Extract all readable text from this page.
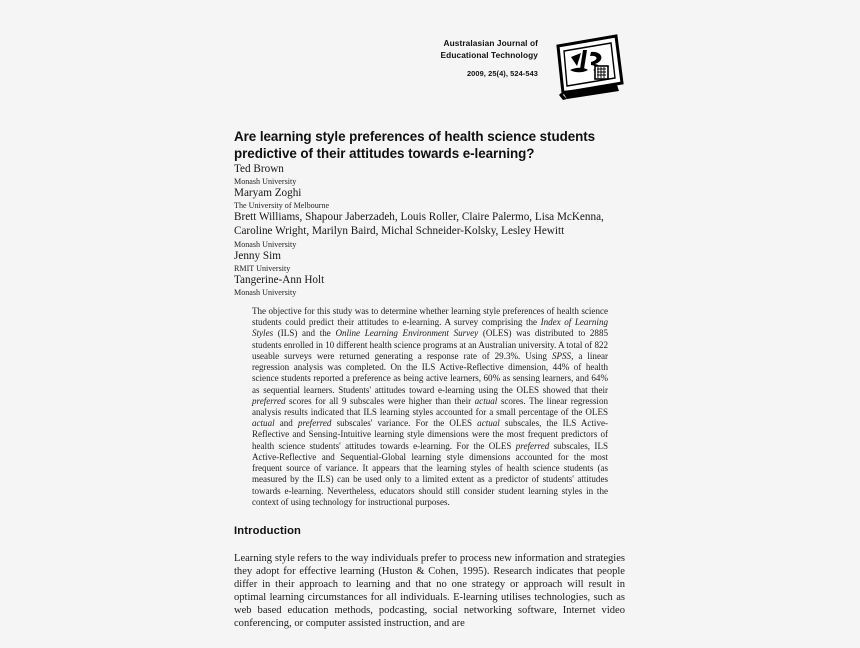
Australasian Journal of
Educational Technology
2009, 25(4), 524-543
Are learning style preferences of health science students predictive of their attitudes towards e-learning?
Ted Brown
Monash University
Maryam Zoghi
The University of Melbourne
Brett Williams, Shapour Jaberzadeh, Louis Roller, Claire Palermo, Lisa McKenna, Caroline Wright, Marilyn Baird, Michal Schneider-Kolsky, Lesley Hewitt
Monash University
Jenny Sim
RMIT University
Tangerine-Ann Holt
Monash University
The objective for this study was to determine whether learning style preferences of health science students could predict their attitudes to e-learning. A survey comprising the Index of Learning Styles (ILS) and the Online Learning Environment Survey (OLES) was distributed to 2885 students enrolled in 10 different health science programs at an Australian university. A total of 822 useable surveys were returned generating a response rate of 29.3%. Using SPSS, a linear regression analysis was completed. On the ILS Active-Reflective dimension, 44% of health science students reported a preference as being active learners, 60% as sensing learners, and 64% as sequential learners. Students' attitudes toward e-learning using the OLES showed that their preferred scores for all 9 subscales were higher than their actual scores. The linear regression analysis results indicated that ILS learning styles accounted for a small percentage of the OLES actual and preferred subscales' variance. For the OLES actual subscales, the ILS Active-Reflective and Sensing-Intuitive learning style dimensions were the most frequent predictors of health science students' attitudes towards e-learning. For the OLES preferred subscales, ILS Active-Reflective and Sequential-Global learning style dimensions accounted for the most frequent source of variance. It appears that the learning styles of health science students (as measured by the ILS) can be used only to a limited extent as a predictor of students' attitudes towards e-learning. Nevertheless, educators should still consider student learning styles in the context of using technology for instructional purposes.
Introduction

Learning style refers to the way individuals prefer to process new information and strategies they adopt for effective learning (Huston & Cohen, 1995). Research indicates that people differ in their approach to learning and that no one strategy or approach will result in optimal learning circumstances for all individuals. E-learning utilises technologies, such as web based education methods, podcasting, social networking software, Internet video conferencing, or computer assisted instruction, and are
